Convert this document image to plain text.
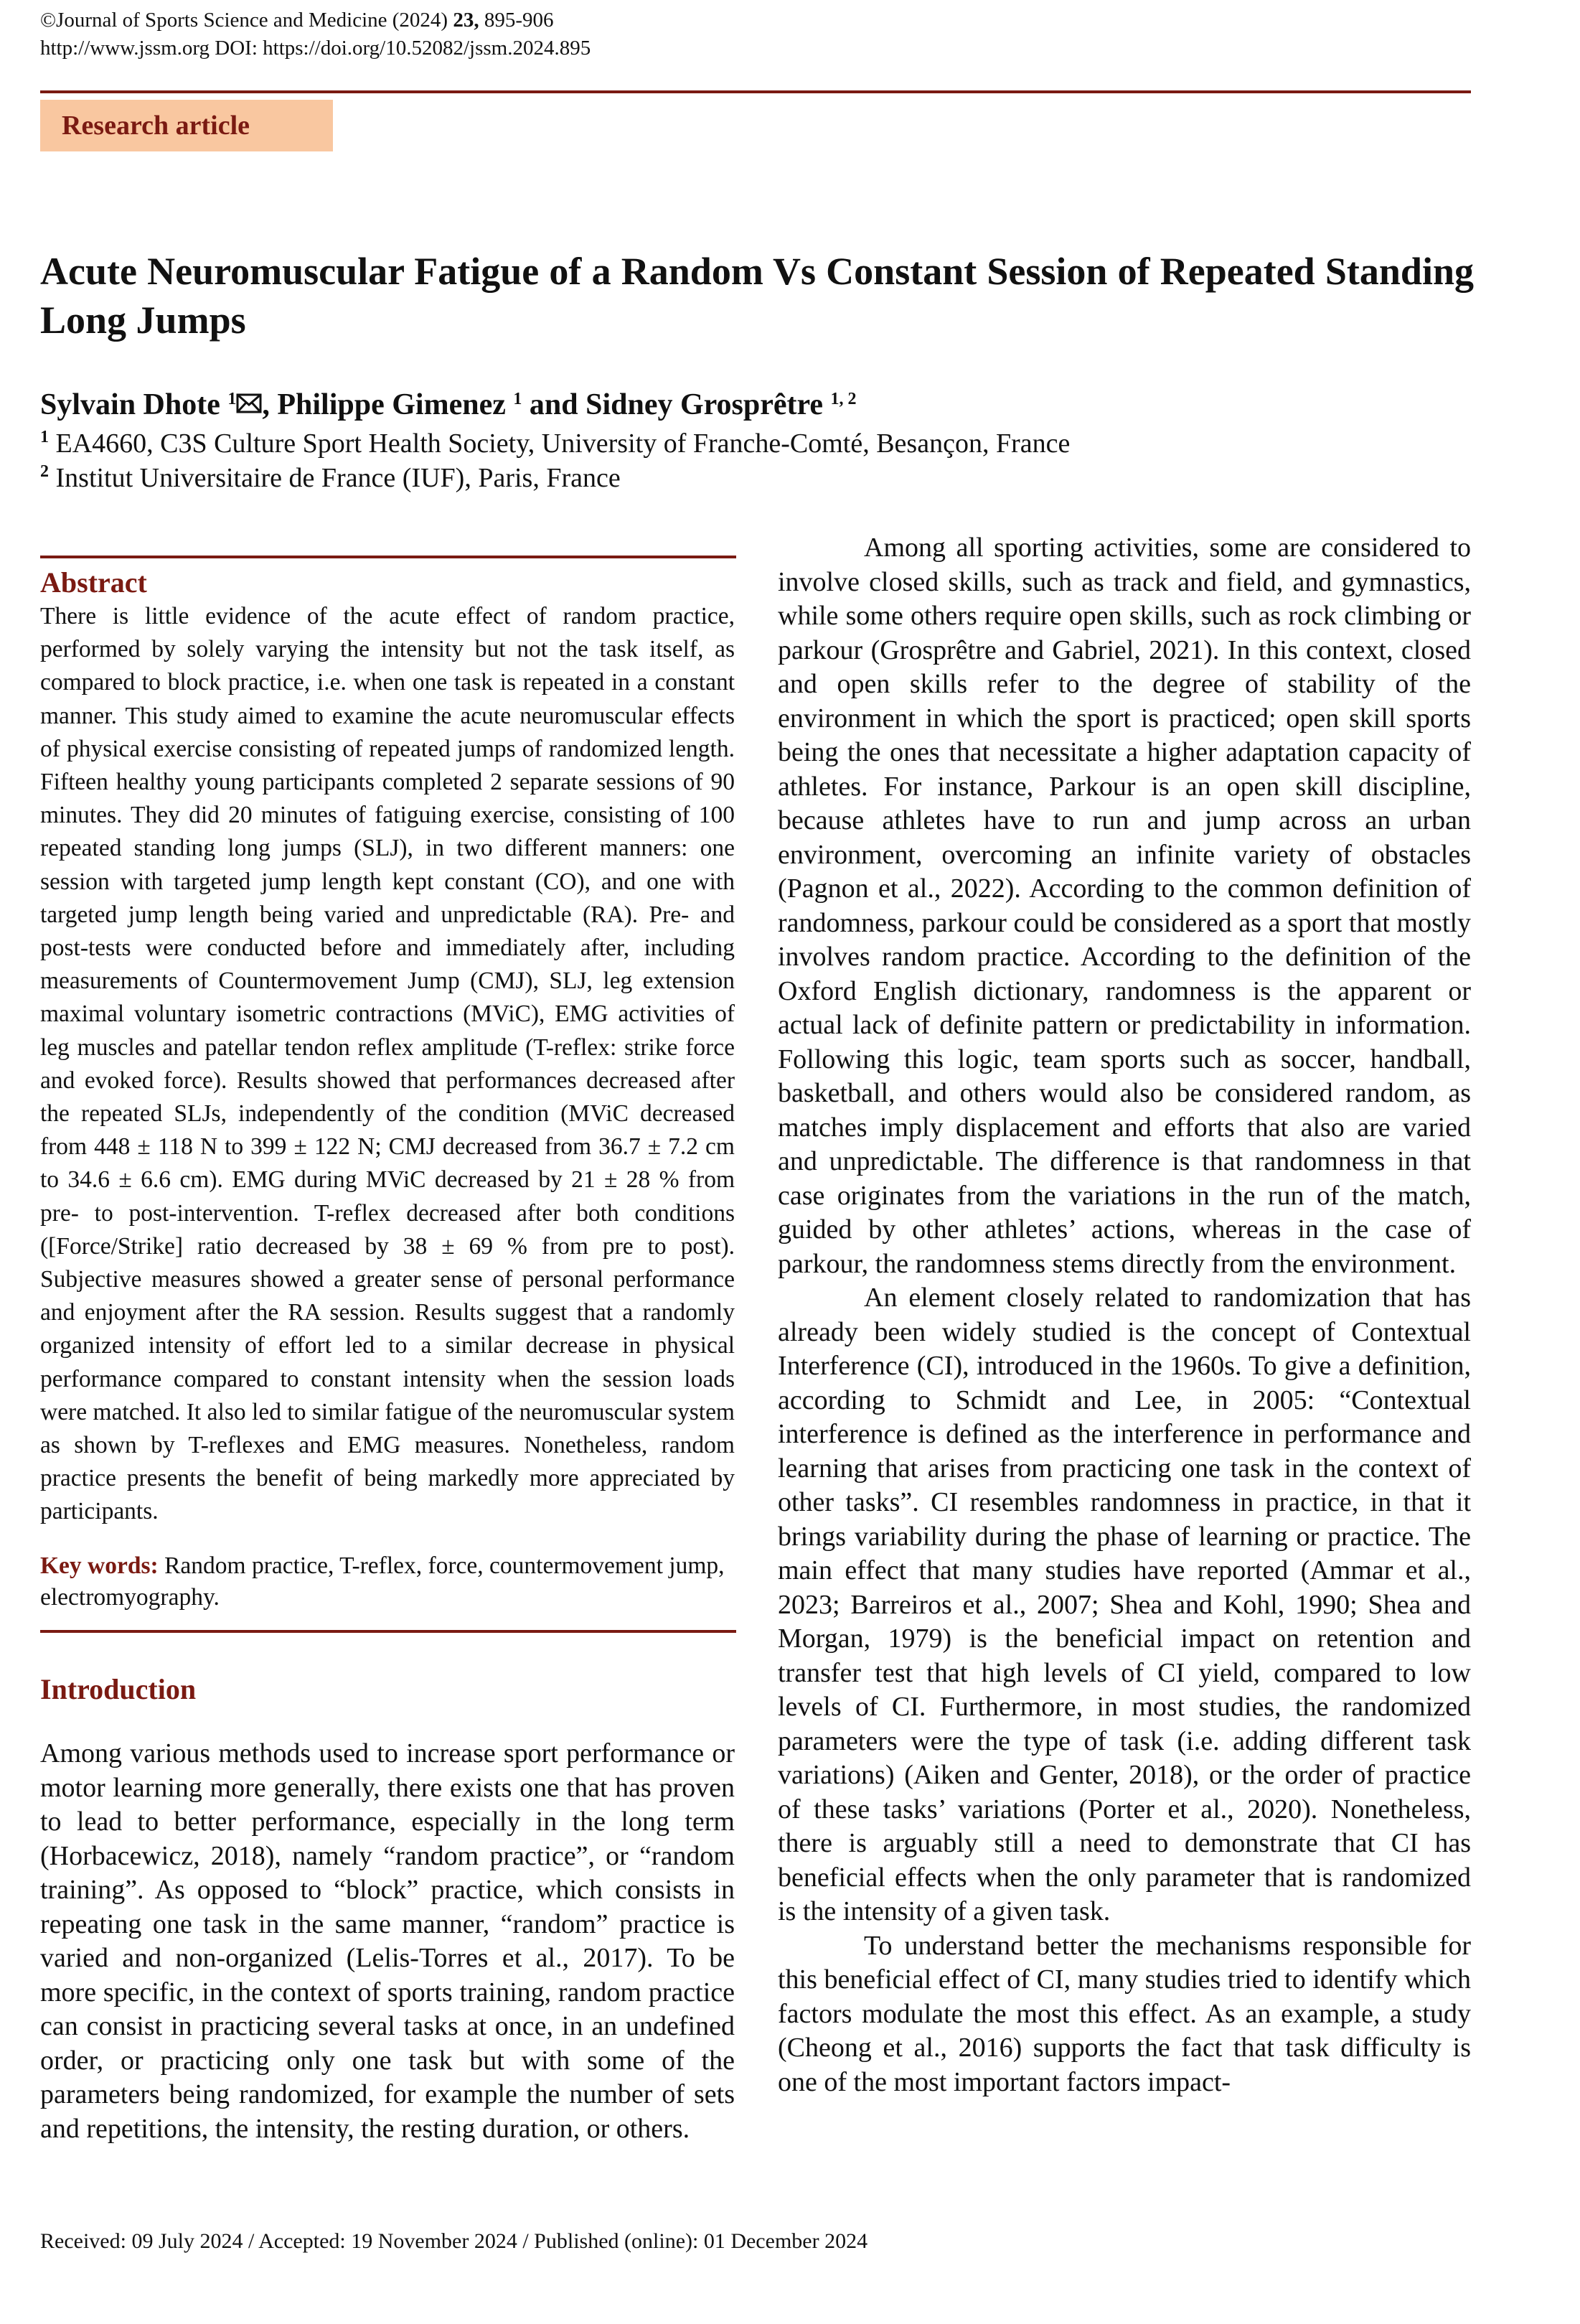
©Journal of Sports Science and Medicine (2024) 23, 895-906
http://www.jssm.org DOI: https://doi.org/10.52082/jssm.2024.895
Research article
Acute Neuromuscular Fatigue of a Random Vs Constant Session of Repeated Standing Long Jumps
Sylvain Dhote $^1$ , Philippe Gimenez $^1$ and Sidney Grosprêtre $^{1, 2}$
$^1$ EA4660, C3S Culture Sport Health Society, University of Franche-Comté, Besançon, France
$^2$ Institut Universitaire de France (IUF), Paris, France
Abstract
There is little evidence of the acute effect of random practice, performed by solely varying the intensity but not the task itself, as compared to block practice, i.e. when one task is repeated in a constant manner. This study aimed to examine the acute neuromuscular effects of physical exercise consisting of repeated jumps of randomized length. Fifteen healthy young participants completed 2 separate sessions of 90 minutes. They did 20 minutes of fatiguing exercise, consisting of 100 repeated standing long jumps (SLJ), in two different manners: one session with targeted jump length kept constant (CO), and one with targeted jump length being varied and unpredictable (RA). Pre- and post-tests were conducted before and immediately after, including measurements of Countermovement Jump (CMJ), SLJ, leg extension maximal voluntary isometric contractions (MViC), EMG activities of leg muscles and patellar tendon reflex amplitude (T-reflex: strike force and evoked force). Results showed that performances decreased after the repeated SLJs, independently of the condition (MViC decreased from 448 ± 118 N to 399 ± 122 N; CMJ decreased from 36.7 ± 7.2 cm to 34.6 ± 6.6 cm). EMG during MViC decreased by 21 ± 28 % from pre- to post-intervention. T-reflex decreased after both conditions ([Force/Strike] ratio decreased by 38 ± 69 % from pre to post). Subjective measures showed a greater sense of personal performance and enjoyment after the RA session. Results suggest that a randomly organized intensity of effort led to a similar decrease in physical performance compared to constant intensity when the session loads were matched. It also led to similar fatigue of the neuromuscular system as shown by T-reflexes and EMG measures. Nonetheless, random practice presents the benefit of being markedly more appreciated by participants.
Key words: Random practice, T-reflex, force, countermovement jump, electromyography.
Introduction

Among various methods used to increase sport performance or motor learning more generally, there exists one that has proven to lead to better performance, especially in the long term (Horbacewicz, 2018), namely “random practice”, or “random training”. As opposed to “block” practice, which consists in repeating one task in the same manner, “random” practice is varied and non-organized (Lelis-Torres et al., 2017). To be more specific, in the context of sports training, random practice can consist in practicing several tasks at once, in an undefined order, or practicing only one task but with some of the parameters being randomized, for example the number of sets and repetitions, the intensity, the resting duration, or others.

Among all sporting activities, some are considered to involve closed skills, such as track and field, and gymnastics, while some others require open skills, such as rock climbing or parkour (Grosprêtre and Gabriel, 2021). In this context, closed and open skills refer to the degree of stability of the environment in which the sport is practiced; open skill sports being the ones that necessitate a higher adaptation capacity of athletes. For instance, Parkour is an open skill discipline, because athletes have to run and jump across an urban environment, overcoming an infinite variety of obstacles (Pagnon et al., 2022). According to the common definition of randomness, parkour could be considered as a sport that mostly involves random practice. According to the definition of the Oxford English dictionary, randomness is the apparent or actual lack of definite pattern or predictability in information. Following this logic, team sports such as soccer, handball, basketball, and others would also be considered random, as matches imply displacement and efforts that also are varied and unpredictable. The difference is that randomness in that case originates from the variations in the run of the match, guided by other athletes’ actions, whereas in the case of parkour, the randomness stems directly from the environment.

An element closely related to randomization that has already been widely studied is the concept of Contextual Interference (CI), introduced in the 1960s. To give a definition, according to Schmidt and Lee, in 2005: “Contextual interference is defined as the interference in performance and learning that arises from practicing one task in the context of other tasks”. CI resembles randomness in practice, in that it brings variability during the phase of learning or practice. The main effect that many studies have reported (Ammar et al., 2023; Barreiros et al., 2007; Shea and Kohl, 1990; Shea and Morgan, 1979) is the beneficial impact on retention and transfer test that high levels of CI yield, compared to low levels of CI. Furthermore, in most studies, the randomized parameters were the type of task (i.e. adding different task variations) (Aiken and Genter, 2018), or the order of practice of these tasks’ variations (Porter et al., 2020). Nonetheless, there is arguably still a need to demonstrate that CI has beneficial effects when the only parameter that is randomized is the intensity of a given task.

To understand better the mechanisms responsible for this beneficial effect of CI, many studies tried to identify which factors modulate the most this effect. As an example, a study (Cheong et al., 2016) supports the fact that task difficulty is one of the most important factors impact-

Received: 09 July 2024 / Accepted: 19 November 2024 / Published (online): 01 December 2024
